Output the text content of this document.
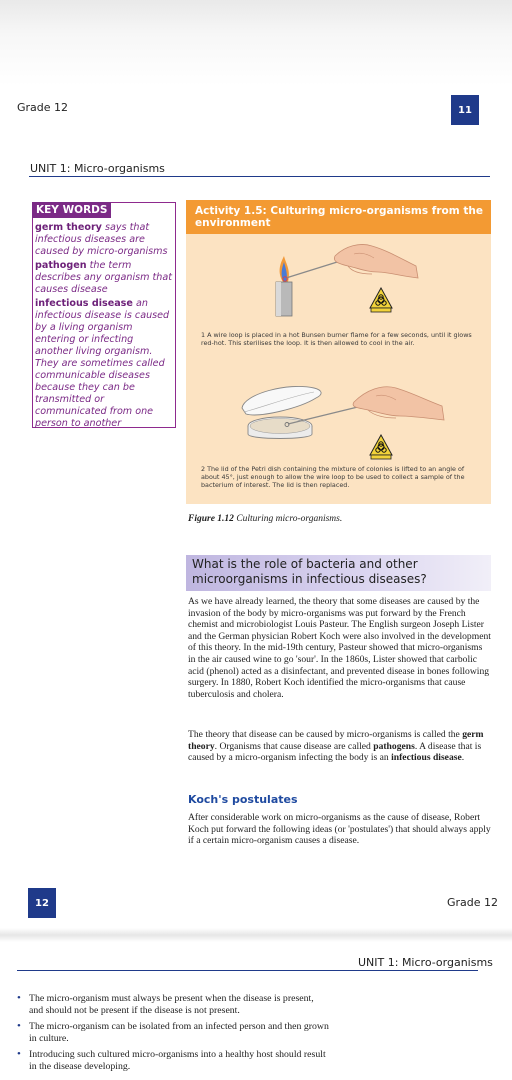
Grade 12	11
UNIT 1: Micro-organisms
KEY WORDS
germ theory says that infectious diseases are caused by micro-organisms
pathogen the term describes any organism that causes disease
infectious disease an infectious disease is caused by a living organism entering or infecting another living organism. They are sometimes called communicable diseases because they can be transmitted or communicated from one person to another
Activity 1.5: Culturing micro-organisms from the environment
1 A wire loop is placed in a hot Bunsen burner flame for a few seconds, until it glows red-hot. This sterilises the loop. It is then allowed to cool in the air.
2 The lid of the Petri dish containing the mixture of colonies is lifted to an angle of about 45°, just enough to allow the wire loop to be used to collect a sample of the bacterium of interest. The lid is then replaced.
Figure 1.12 Culturing micro-organisms.
What is the role of bacteria and other microorganisms in infectious diseases?
As we have already learned, the theory that some diseases are caused by the invasion of the body by micro-organisms was put forward by the French chemist and microbiologist Louis Pasteur. The English surgeon Joseph Lister and the German physician Robert Koch were also involved in the development of this theory. In the mid-19th century, Pasteur showed that micro-organisms in the air caused wine to go 'sour'. In the 1860s, Lister showed that carbolic acid (phenol) acted as a disinfectant, and prevented disease in bones following surgery. In 1880, Robert Koch identified the micro-organisms that cause tuberculosis and cholera.
The theory that disease can be caused by micro-organisms is called the germ theory. Organisms that cause disease are called pathogens. A disease that is caused by a micro-organism infecting the body is an infectious disease.
Koch's postulates
After considerable work on micro-organisms as the cause of disease, Robert Koch put forward the following ideas (or 'postulates') that should always apply if a certain micro-organism causes a disease.
12	Grade 12
UNIT 1: Micro-organisms
• The micro-organism must always be present when the disease is present, and should not be present if the disease is not present.
• The micro-organism can be isolated from an infected person and then grown in culture.
• Introducing such cultured micro-organisms into a healthy host should result in the disease developing.
